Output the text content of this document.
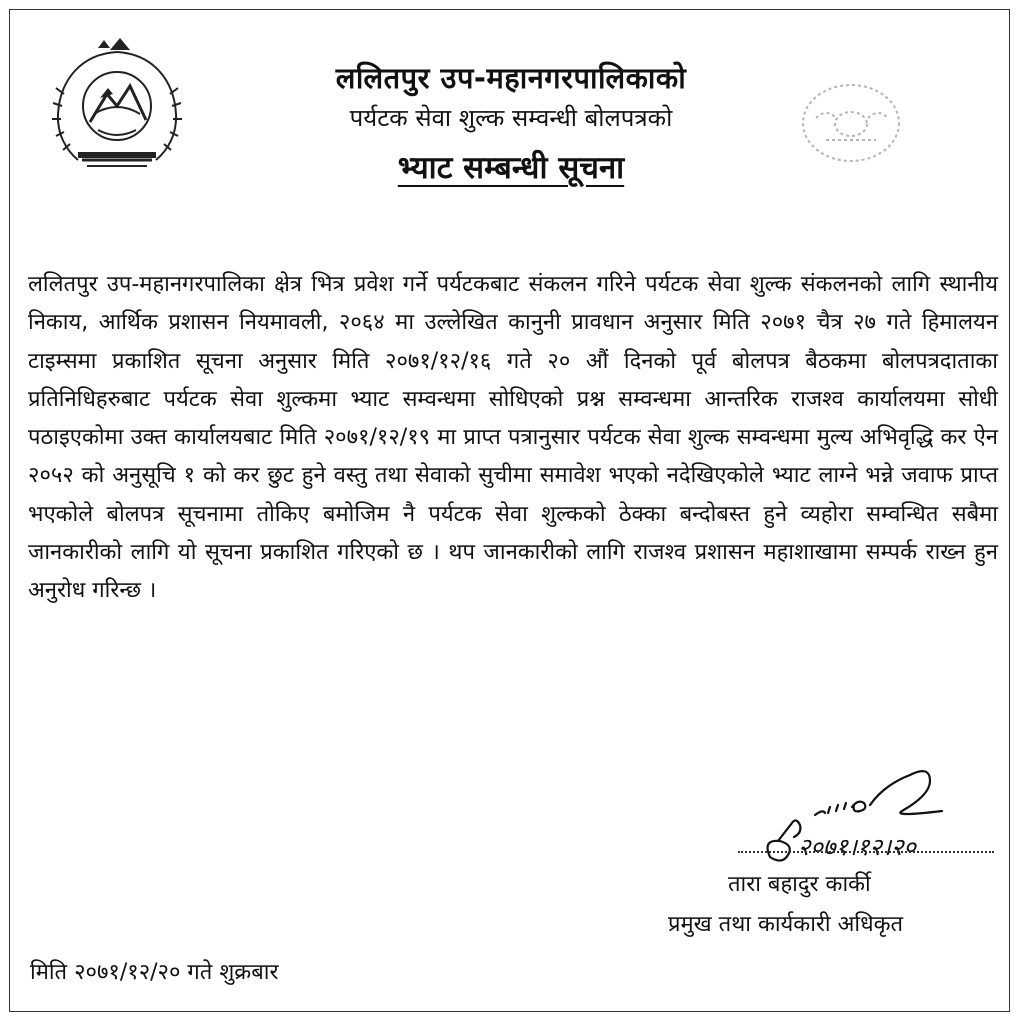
ललितपुर उप-महानगरपालिकाको
पर्यटक सेवा शुल्क सम्वन्धी बोलपत्रको
भ्याट सम्बन्धी सूचना

ललितपुर उप-महानगरपालिका क्षेत्र भित्र प्रवेश गर्ने पर्यटकबाट संकलन गरिने पर्यटक सेवा शुल्क संकलनको लागि स्थानीय निकाय, आर्थिक प्रशासन नियमावली, २०६४ मा उल्लेखित कानुनी प्रावधान अनुसार मिति २०७१ चैत्र २७ गते हिमालयन टाइम्समा प्रकाशित सूचना अनुसार मिति २०७१/१२/१६ गते २० औं दिनको पूर्व बोलपत्र बैठकमा बोलपत्रदाताका प्रतिनिधिहरुबाट पर्यटक सेवा शुल्कमा भ्याट सम्वन्धमा सोधिएको प्रश्न सम्वन्धमा आन्तरिक राजश्व कार्यालयमा सोधी पठाइएकोमा उक्त कार्यालयबाट मिति २०७१/१२/१९ मा प्राप्त पत्रानुसार पर्यटक सेवा शुल्क सम्वन्धमा मुल्य अभिवृद्धि कर ऐन २०५२ को अनुसूचि १ को कर छुट हुने वस्तु तथा सेवाको सुचीमा समावेश भएको नदेखिएकोले भ्याट लाग्ने भन्ने जवाफ प्राप्त भएकोले बोलपत्र सूचनामा तोकिए बमोजिम नै पर्यटक सेवा शुल्कको ठेक्का बन्दोबस्त हुने व्यहोरा सम्वन्धित सबैमा जानकारीको लागि यो सूचना प्रकाशित गरिएको छ । थप जानकारीको लागि राजश्व प्रशासन महाशाखामा सम्पर्क राख्न हुन अनुरोध गरिन्छ ।

२०७१।१२।२०
तारा बहादुर कार्की
प्रमुख तथा कार्यकारी अधिकृत
मिति २०७१/१२/२० गते शुक्रबार
